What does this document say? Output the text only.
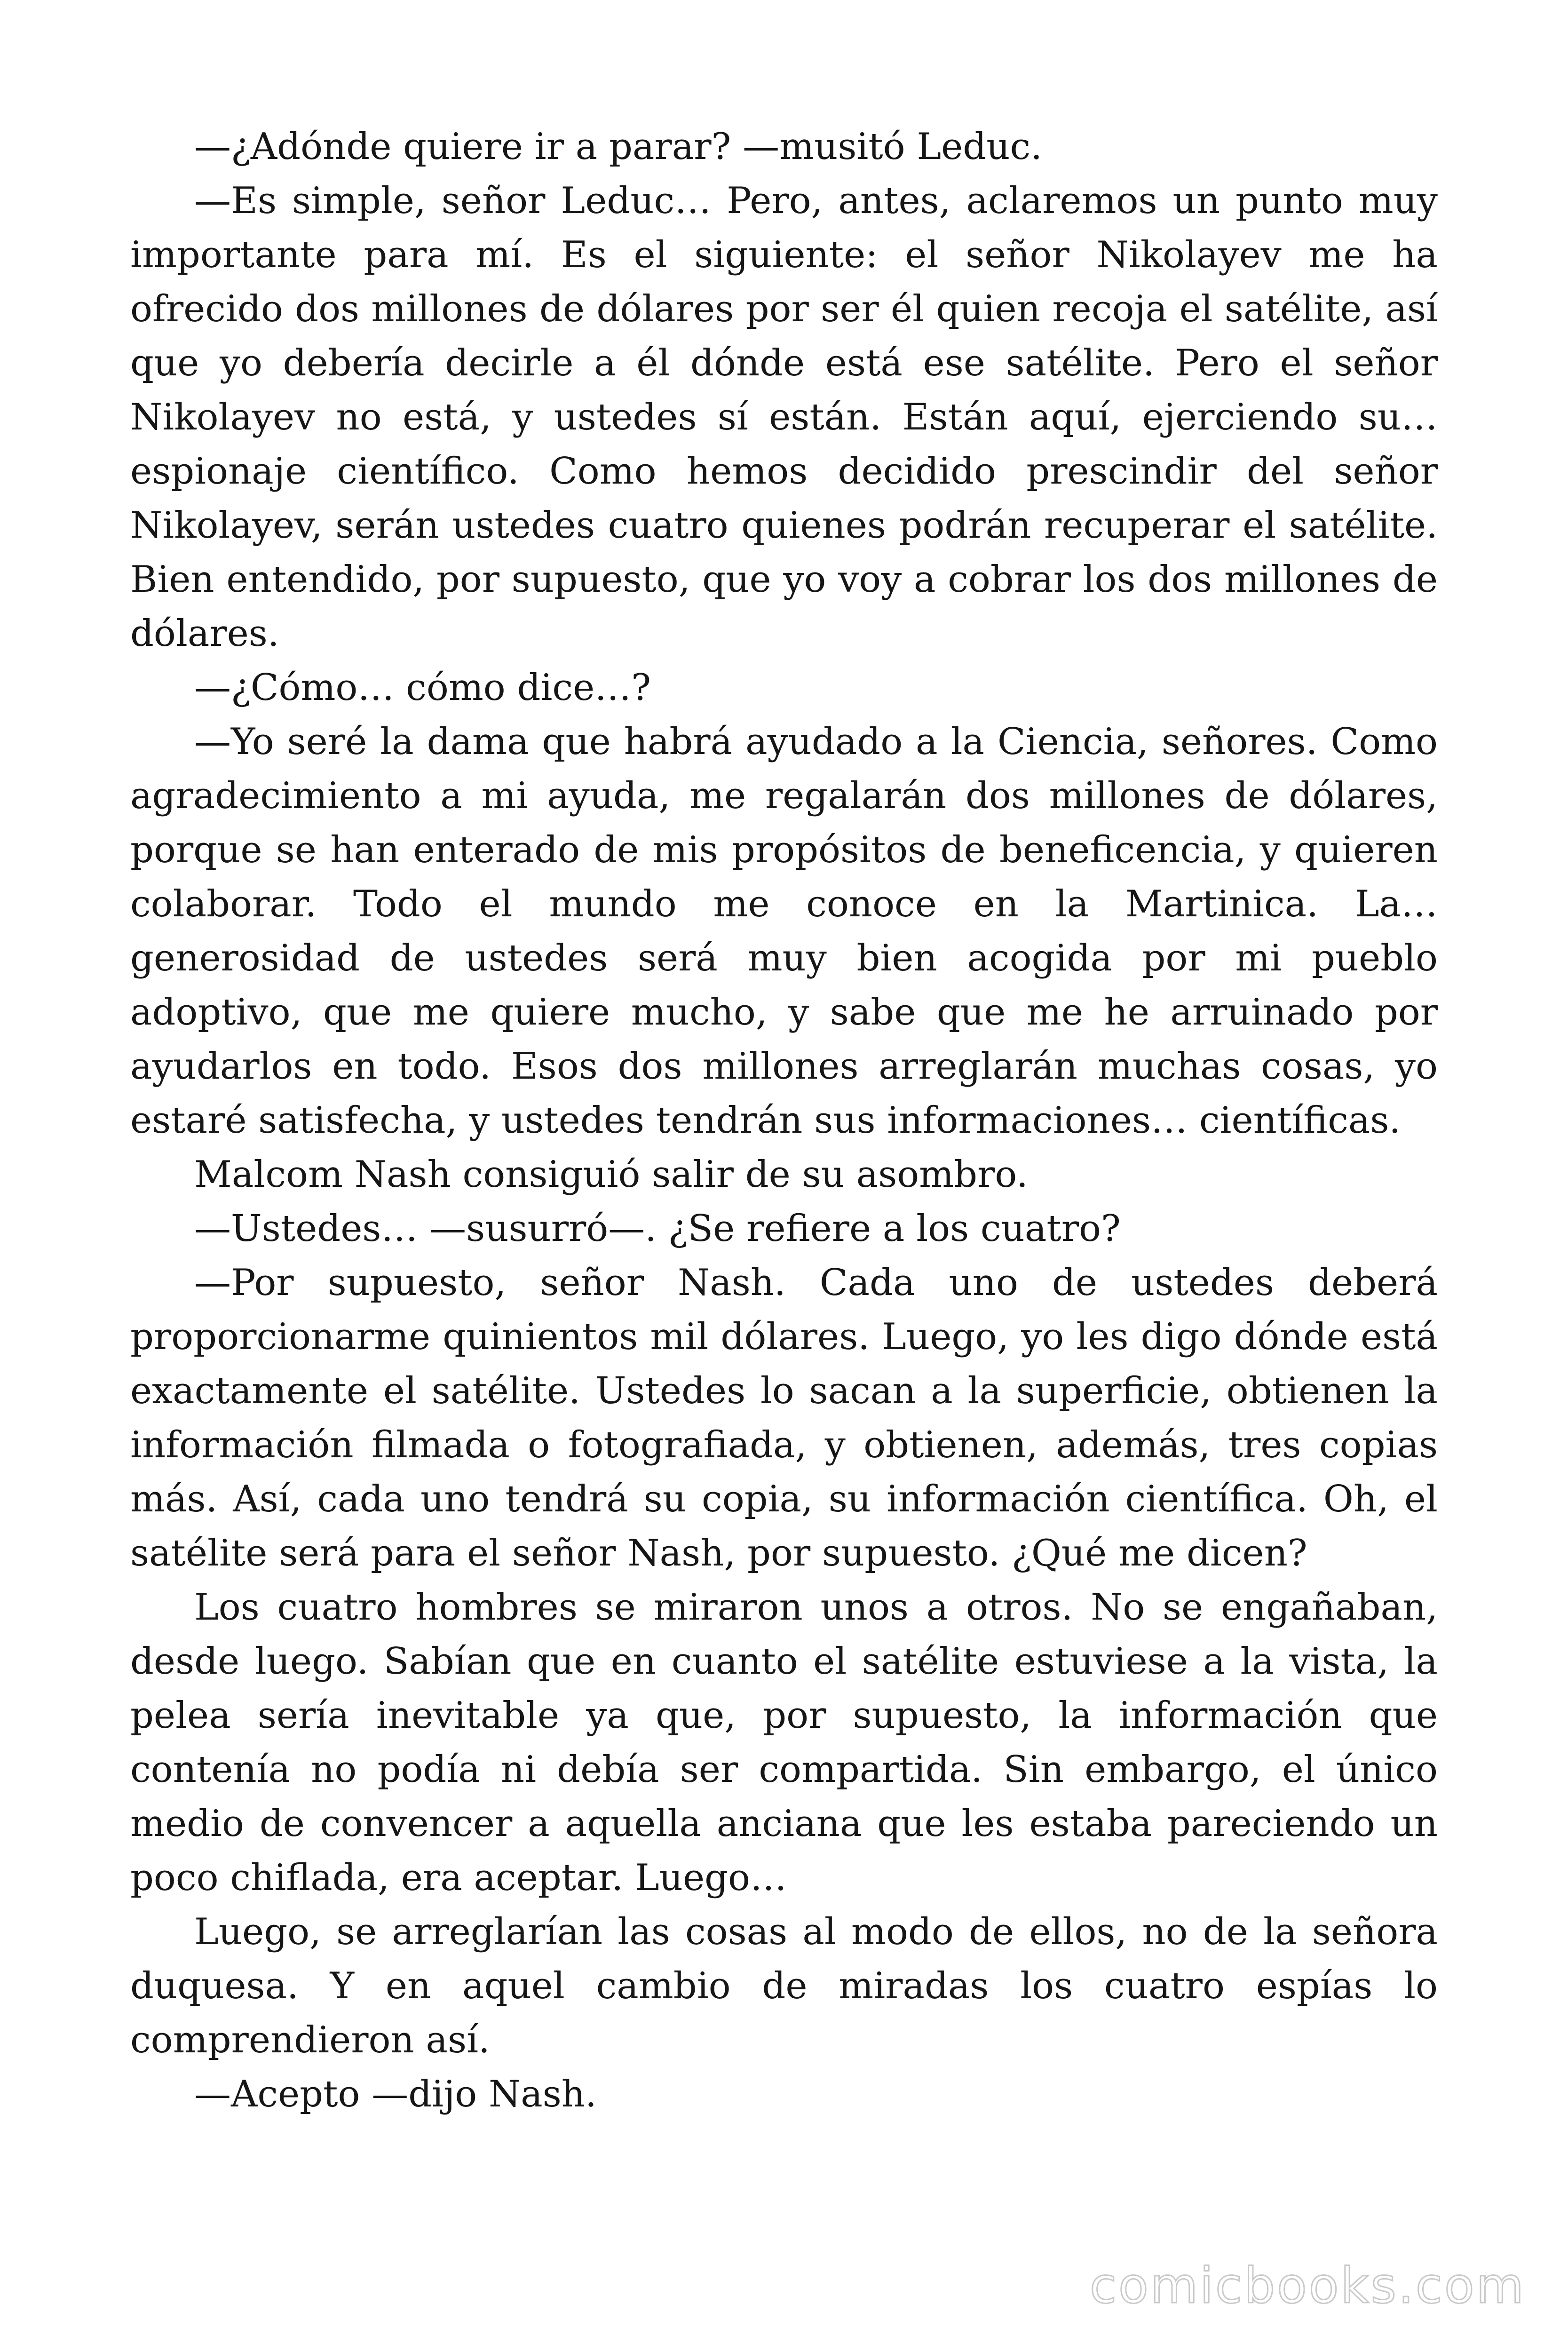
—¿Adónde quiere ir a parar? —musitó Leduc.

—Es simple, señor Leduc… Pero, antes, aclaremos un punto muy importante para mí. Es el siguiente: el señor Nikolayev me ha ofrecido dos millones de dólares por ser él quien recoja el satélite, así que yo debería decirle a él dónde está ese satélite. Pero el señor Nikolayev no está, y ustedes sí están. Están aquí, ejerciendo su… espionaje científico. Como hemos decidido prescindir del señor Nikolayev, serán ustedes cuatro quienes podrán recuperar el satélite. Bien entendido, por supuesto, que yo voy a cobrar los dos millones de dólares.

—¿Cómo… cómo dice…?

—Yo seré la dama que habrá ayudado a la Ciencia, señores. Como agradecimiento a mi ayuda, me regalarán dos millones de dólares, porque se han enterado de mis propósitos de beneficencia, y quieren colaborar. Todo el mundo me conoce en la Martinica. La… generosidad de ustedes será muy bien acogida por mi pueblo adoptivo, que me quiere mucho, y sabe que me he arruinado por ayudarlos en todo. Esos dos millones arreglarán muchas cosas, yo estaré satisfecha, y ustedes tendrán sus informaciones… científicas.

Malcom Nash consiguió salir de su asombro.

—Ustedes… —susurró—. ¿Se refiere a los cuatro?

—Por supuesto, señor Nash. Cada uno de ustedes deberá proporcionarme quinientos mil dólares. Luego, yo les digo dónde está exactamente el satélite. Ustedes lo sacan a la superficie, obtienen la información filmada o fotografiada, y obtienen, además, tres copias más. Así, cada uno tendrá su copia, su información científica. Oh, el satélite será para el señor Nash, por supuesto. ¿Qué me dicen?

Los cuatro hombres se miraron unos a otros. No se engañaban, desde luego. Sabían que en cuanto el satélite estuviese a la vista, la pelea sería inevitable ya que, por supuesto, la información que contenía no podía ni debía ser compartida. Sin embargo, el único medio de convencer a aquella anciana que les estaba pareciendo un poco chiflada, era aceptar. Luego…

Luego, se arreglarían las cosas al modo de ellos, no de la señora duquesa. Y en aquel cambio de miradas los cuatro espías lo comprendieron así.

—Acepto —dijo Nash.

comicbooks.com
